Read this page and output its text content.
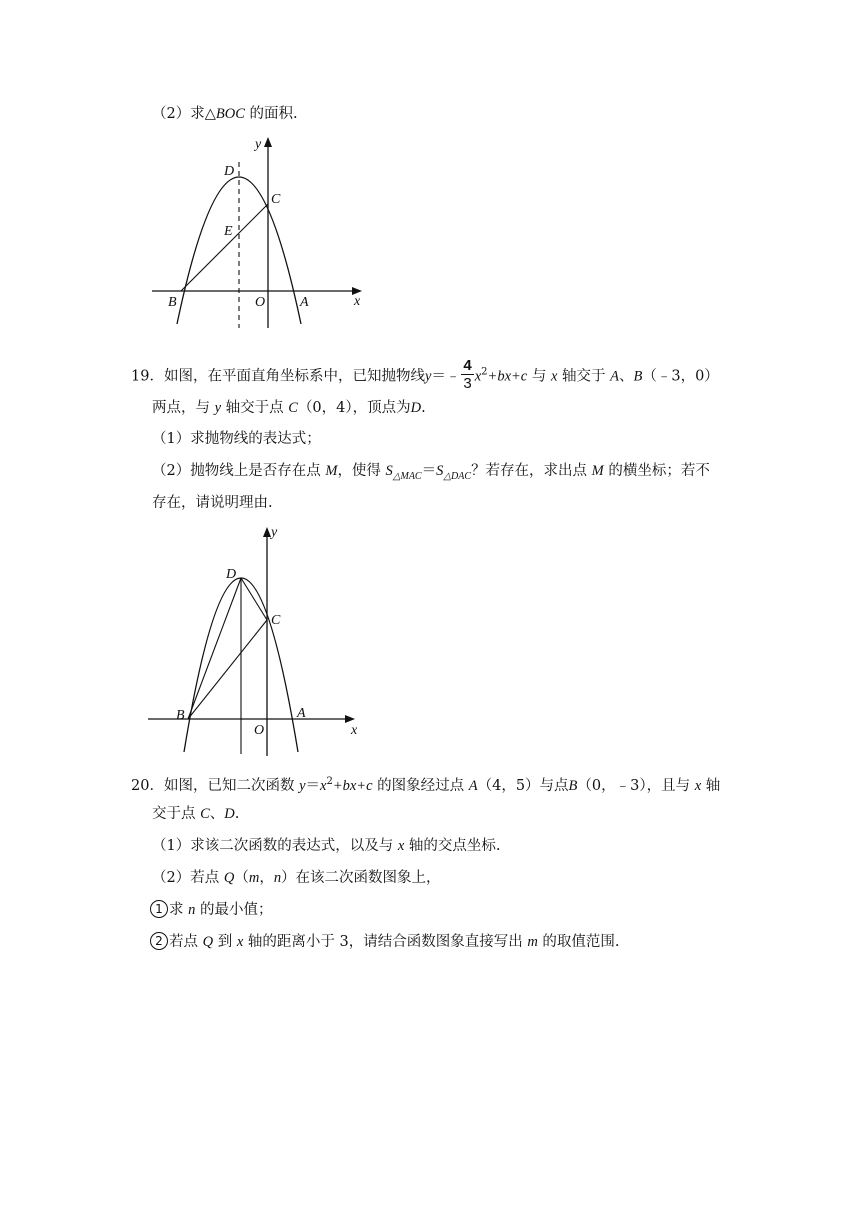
（2）求△BOC 的面积.
y
x
D
C
E
B	O A
19．如图，在平面直角坐标系中，已知抛物线y＝﹣ $\frac{4}{3} x^2+bx+c$ 与 x 轴交于 A、B（﹣3，0）
两点，与 y 轴交于点 C（0，4），顶点为D.
（1）求抛物线的表达式；
（2）抛物线上是否存在点 M，使得 $S_{\triangle MAC}=S_{\triangle DAC}$？若存在，求出点 M 的横坐标；若不
存在，请说明理由.
y
x
D
C
B
O
A
20．如图，已知二次函数 $y=x^2+bx+c$ 的图象经过点 A（4，5）与点B（0，﹣3），且与 x 轴
交于点 C、D.
（1）求该二次函数的表达式，以及与 x 轴的交点坐标.
（2）若点 Q（m，n）在该二次函数图象上，
1 求 n 的最小值；
2 若点 Q 到 x 轴的距离小于 3，请结合函数图象直接写出 m 的取值范围.
